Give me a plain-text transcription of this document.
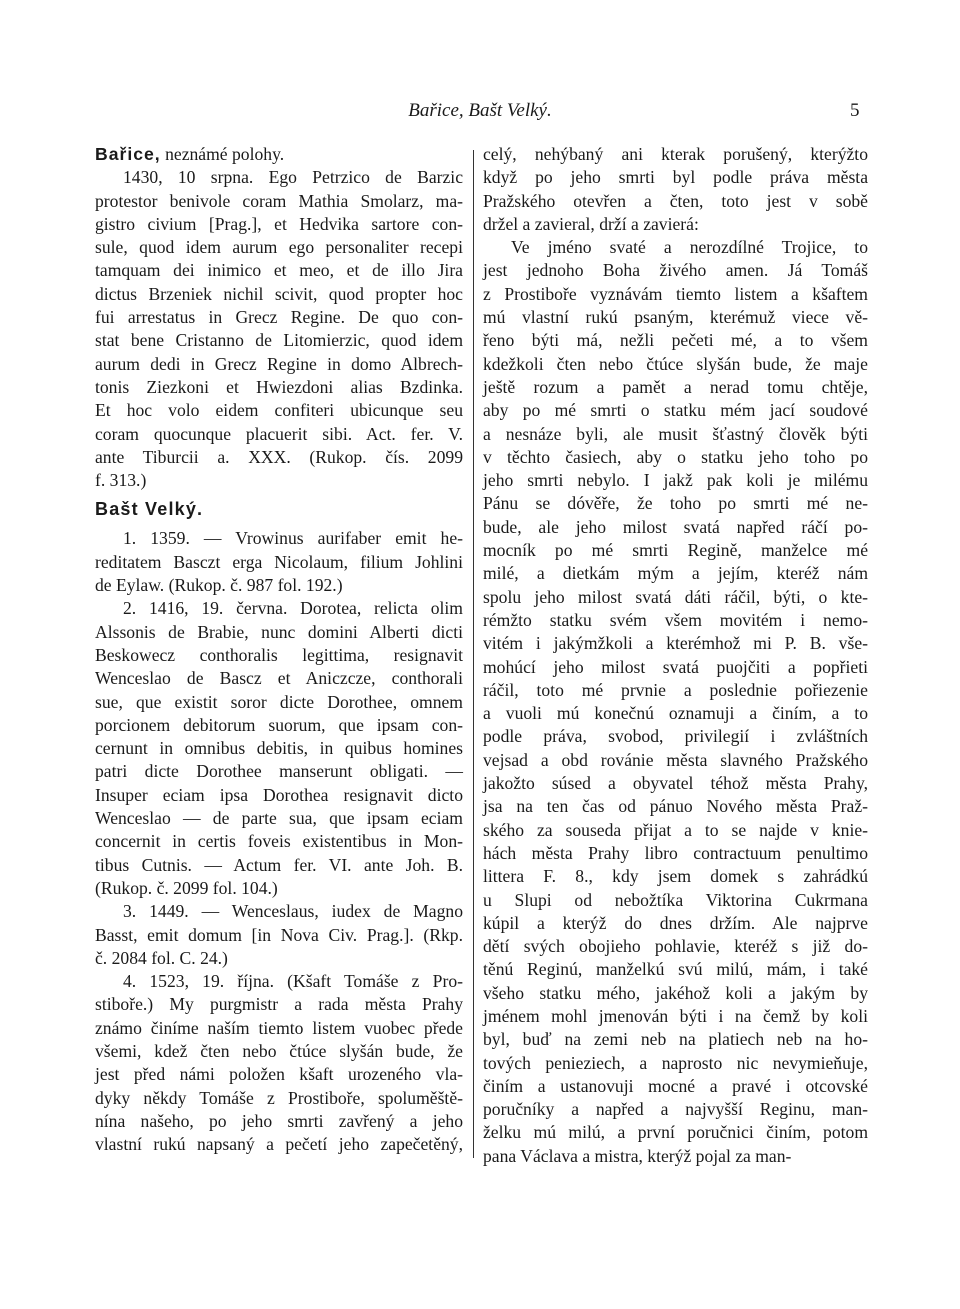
Bařice, Bašt Velký.	5
Bařice, neznámé polohy.
1430, 10 srpna. Ego Petrzico de Barzic
protestor benivole coram Mathia Smolarz, ma-
gistro civium [Prag.], et Hedvika sartore con-
sule, quod idem aurum ego personaliter recepi
tamquam dei inimico et meo, et de illo Jira
dictus Brzeniek nichil scivit, quod propter hoc
fui arrestatus in Grecz Regine. De quo con-
stat bene Cristanno de Litomierzic, quod idem
aurum dedi in Grecz Regine in domo Albrech-
tonis Ziezkoni et Hwiezdoni alias Bzdinka.
Et hoc volo eidem confiteri ubicunque seu
coram quocunque placuerit sibi. Act. fer. V.
ante Tiburcii a. XXX. (Rukop. čís. 2099
f. 313.)
Bašt Velký.
1. 1359. — Vrowinus aurifaber emit he-
reditatem Basczt erga Nicolaum, filium Johlini
de Eylaw. (Rukop. č. 987 fol. 192.)
2. 1416, 19. června. Dorotea, relicta olim
Alssonis de Brabie, nunc domini Alberti dicti
Beskowecz conthoralis legittima, resignavit
Wenceslao de Bascz et Aniczcze, conthorali
sue, que existit soror dicte Dorothee, omnem
porcionem debitorum suorum, que ipsam con-
cernunt in omnibus debitis, in quibus homines
patri dicte Dorothee manserunt obligati. —
Insuper eciam ipsa Dorothea resignavit dicto
Wenceslao — de parte sua, que ipsam eciam
concernit in certis foveis existentibus in Mon-
tibus Cutnis. — Actum fer. VI. ante Joh. B.
(Rukop. č. 2099 fol. 104.)
3. 1449. — Wenceslaus, iudex de Magno
Basst, emit domum [in Nova Civ. Prag.]. (Rkp.
č. 2084 fol. C. 24.)
4. 1523, 19. října. (Kšaft Tomáše z Pro-
stiboře.) My purgmistr a rada města Prahy
známo činíme naším tiemto listem vuobec přede
všemi, kdež čten nebo čtúce slyšán bude, že
jest před námi položen kšaft urozeného vla-
dyky někdy Tomáše z Prostiboře, spoluměště-
nína našeho, po jeho smrti zavřený a jeho
vlastní rukú napsaný a pečetí jeho zapečetěný,
celý, nehýbaný ani kterak porušený, kterýžto
když po jeho smrti byl podle práva města
Pražského otevřen a čten, toto jest v sobě
držel a zavieral, drží a zavierá:
Ve jméno svaté a nerozdílné Trojice, to
jest jednoho Boha živého amen. Já Tomáš
z Prostiboře vyznávám tiemto listem a kšaftem
mú vlastní rukú psaným, kterémuž viece vě-
řeno býti má, nežli pečeti mé, a to všem
kdežkoli čten nebo čtúce slyšán bude, že maje
ještě rozum a pamět a nerad tomu chtěje,
aby po mé smrti o statku mém jací soudové
a nesnáze byli, ale musit šťastný člověk býti
v těchto časiech, aby o statku jeho toho po
jeho smrti nebylo. I jakž pak koli je milému
Pánu se dóvěře, že toho po smrti mé ne-
bude, ale jeho milost svatá napřed ráčí po-
mocník po mé smrti Regině, manželce mé
milé, a dietkám mým a jejím, kteréž nám
spolu jeho milost svatá dáti ráčil, býti, o kte-
rémžto statku svém všem movitém i nemo-
vitém i jakýmžkoli a kterémhož mi P. B. vše-
mohúcí jeho milost svatá puojčiti a popřieti
ráčil, toto mé prvnie a poslednie pořiezenie
a vuoli mú konečnú oznamuji a činím, a to
podle práva, svobod, privilegií i zvláštních
vejsad a obd rovánie města slavného Pražského
jakožto súsed a obyvatel téhož města Prahy,
jsa na ten čas od pánuo Nového města Praž-
ského za souseda přijat a to se najde v knie-
hách města Prahy libro contractuum penultimo
littera F. 8., kdy jsem domek s zahrádkú
u Slupi od nebožtíka Viktorina Cukrmana
kúpil a kterýž do dnes držím. Ale najprve
dětí svých obojieho pohlavie, kteréž s již do-
těnú Reginú, manželkú svú milú, mám, i také
všeho statku mého, jakéhož koli a jakým by
jménem mohl jmenován býti i na čemž by koli
byl, buď na zemi neb na platiech neb na ho-
tových penieziech, a naprosto nic nevymieňuje,
činím a ustanovuji mocné a pravé i otcovské
poručníky a napřed a najvyšší Reginu, man-
želku mú milú, a první poručnici činím, potom
pana Václava a mistra, kterýž pojal za man-
